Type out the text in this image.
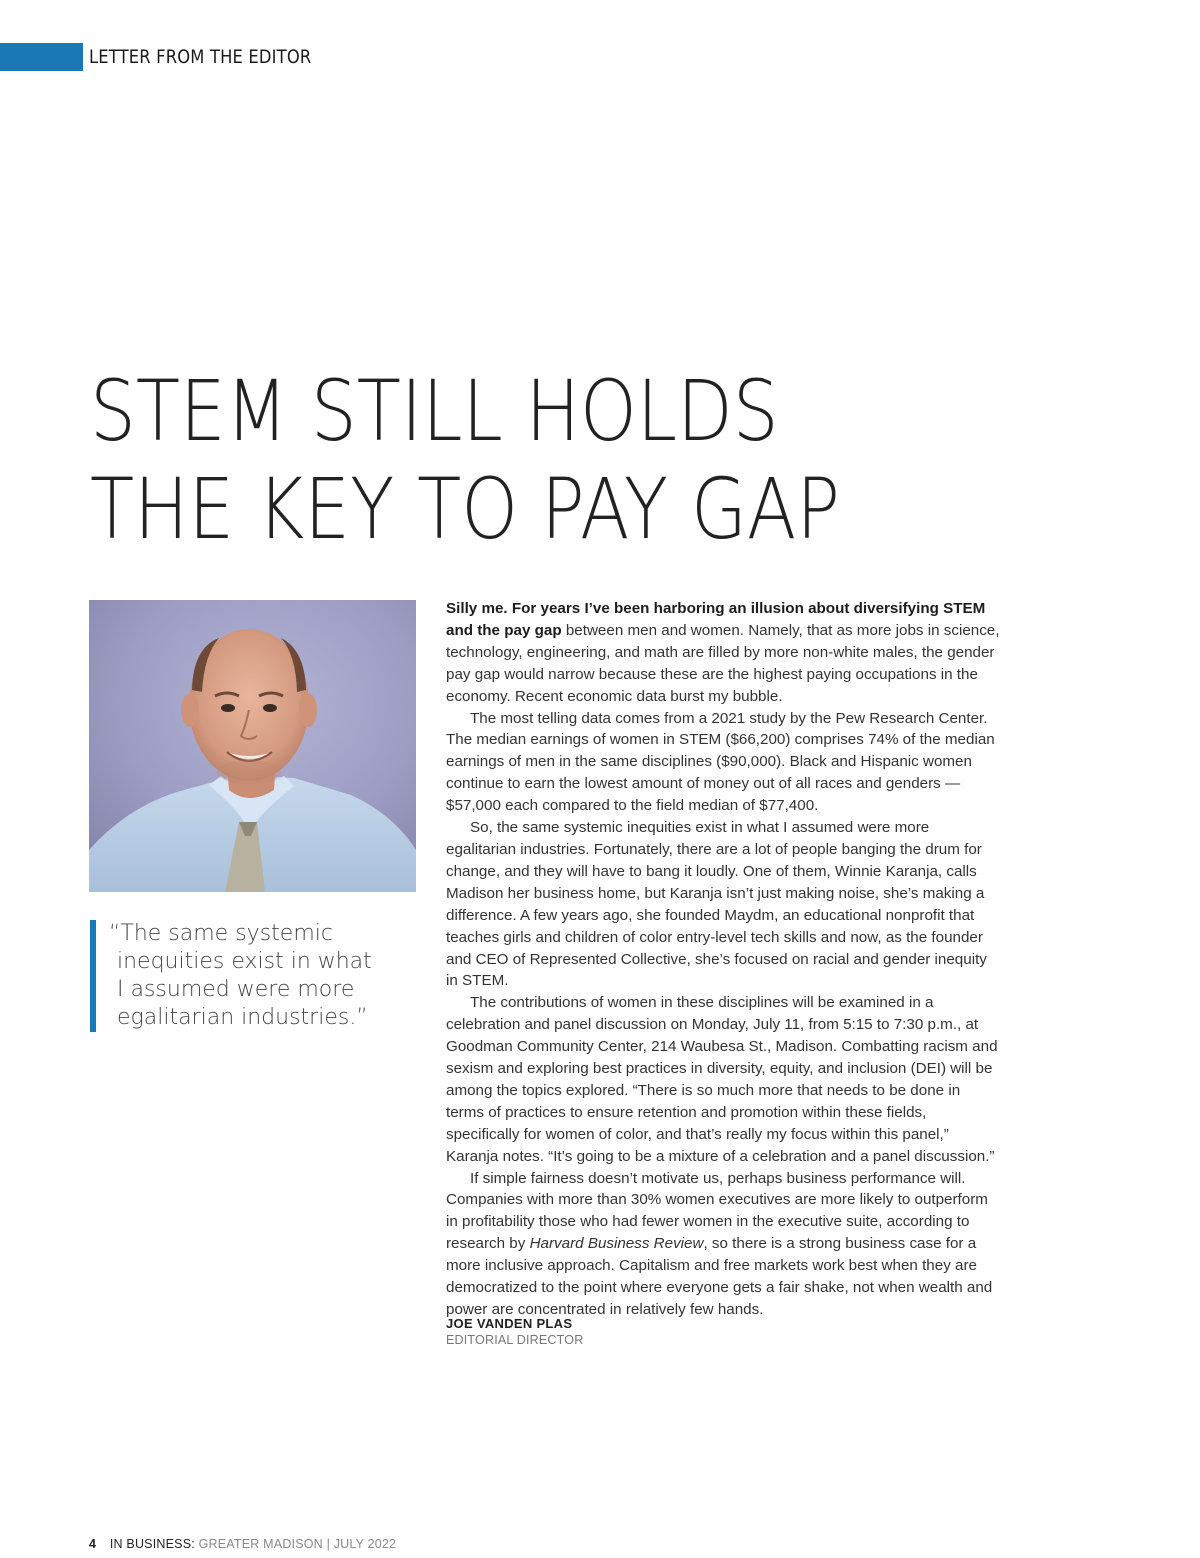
LETTER FROM THE EDITOR
STEM STILL HOLDS
THE KEY TO PAY GAP
“The same systemic
inequities exist in what
I assumed were more
egalitarian industries.”

Silly me. For years I’ve been harboring an illusion about diversifying STEM and the pay gap between men and women. Namely, that as more jobs in science, technology, engineering, and math are filled by more non-white males, the gender pay gap would narrow because these are the highest paying occupations in the economy. Recent economic data burst my bubble.

The most telling data comes from a 2021 study by the Pew Research Center. The median earnings of women in STEM ($66,200) comprises 74% of the median earnings of men in the same disciplines ($90,000). Black and Hispanic women continue to earn the lowest amount of money out of all races and genders — $57,000 each compared to the field median of $77,400.

So, the same systemic inequities exist in what I assumed were more egalitarian industries. Fortunately, there are a lot of people banging the drum for change, and they will have to bang it loudly. One of them, Winnie Karanja, calls Madison her business home, but Karanja isn’t just making noise, she’s making a difference. A few years ago, she founded Maydm, an educational nonprofit that teaches girls and children of color entry-level tech skills and now, as the founder and CEO of Represented Collective, she’s focused on racial and gender inequity in STEM.

The contributions of women in these disciplines will be examined in a celebration and panel discussion on Monday, July 11, from 5:15 to 7:30 p.m., at Goodman Community Center, 214 Waubesa St., Madison. Combatting racism and sexism and exploring best practices in diversity, equity, and inclusion (DEI) will be among the topics explored. “There is so much more that needs to be done in terms of practices to ensure retention and promotion within these fields, specifically for women of color, and that’s really my focus within this panel,” Karanja notes. “It’s going to be a mixture of a celebration and a panel discussion.”

If simple fairness doesn’t motivate us, perhaps business performance will. Companies with more than 30% women executives are more likely to outperform in profitability those who had fewer women in the executive suite, according to research by Harvard Business Review, so there is a strong business case for a more inclusive approach. Capitalism and free markets work best when they are democratized to the point where everyone gets a fair shake, not when wealth and power are concentrated in relatively few hands.

JOE VANDEN PLAS
EDITORIAL DIRECTOR
4 IN BUSINESS: GREATER MADISON | JULY 2022
